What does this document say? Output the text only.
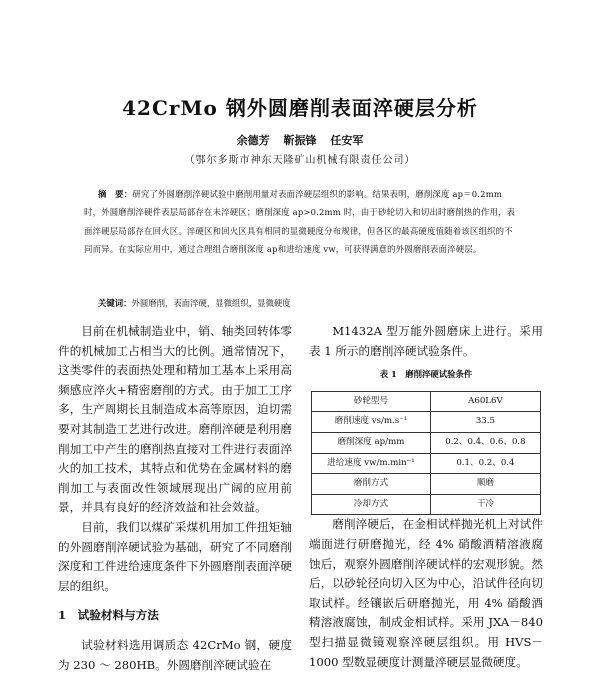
42CrMo 钢外圆磨削表面淬硬层分析
余德芳 靳振锋 任安军
（鄂尔多斯市神东天隆矿山机械有限责任公司）
摘　要：研究了外圆磨削淬硬试验中磨削用量对表面淬硬层组织的影响。结果表明，磨削深度 ap＝0.2mm 时，外圆磨削淬硬件表层局部存在未淬硬区；磨削深度 ap>0.2mm 时，由于砂轮切入和切出时磨削热的作用，表面淬硬层局部存在回火区。淬硬区和回火区具有相同的显微硬度分布规律，但各区的最高硬度值随着该区组织的不同而异。在实际应用中，通过合理组合磨削深度 ap和进给速度 vw，可获得满意的外圆磨削表面淬硬层。
关键词：外圆磨削，表面淬硬，显微组织，显微硬度

目前在机械制造业中，销、轴类回转体零件的机械加工占相当大的比例。通常情况下，这类零件的表面热处理和精加工基本上采用高频感应淬火+精密磨削的方式。由于加工工序多，生产周期长且制造成本高等原因，迫切需要对其制造工艺进行改进。磨削淬硬是利用磨削加工中产生的磨削热直接对工件进行表面淬火的加工技术，其特点和优势在金属材料的磨削加工与表面改性领域展现出广阔的应用前景，并具有良好的经济效益和社会效益。

目前，我们以煤矿采煤机用加工件扭矩轴的外圆磨削淬硬试验为基础，研究了不同磨削深度和工件进给速度条件下外圆磨削表面淬硬层的组织。

1　试验材料与方法

试验材料选用调质态 42CrMo 钢，硬度为 230 ～ 280HB。外圆磨削淬硬试验在

M1432A 型万能外圆磨床上进行。采用表 1 所示的磨削淬硬试验条件。

表 1　磨削淬硬试验条件
砂轮型号	A60L6V
磨削速度 vs/m.s⁻¹	33.5
磨削深度 ap/mm	0.2、0.4、0.6、0.8
进给速度 vw/m.min⁻¹	0.1、0.2、0.4
磨削方式	顺磨
冷却方式	干冷

磨削淬硬后，在金相试样抛光机上对试件端面进行研磨抛光，经 4% 硝酸酒精溶液腐蚀后，观察外圆磨削淬硬试样的宏观形貌。然后，以砂轮径向切入区为中心，沿试件径向切取试样。经镶嵌后研磨抛光，用 4% 硝酸酒精溶液腐蚀，制成金相试样。采用 JXA－840 型扫描显微镜观察淬硬层组织。用 HVS－1000 型数显硬度计测量淬硬层显微硬度。
